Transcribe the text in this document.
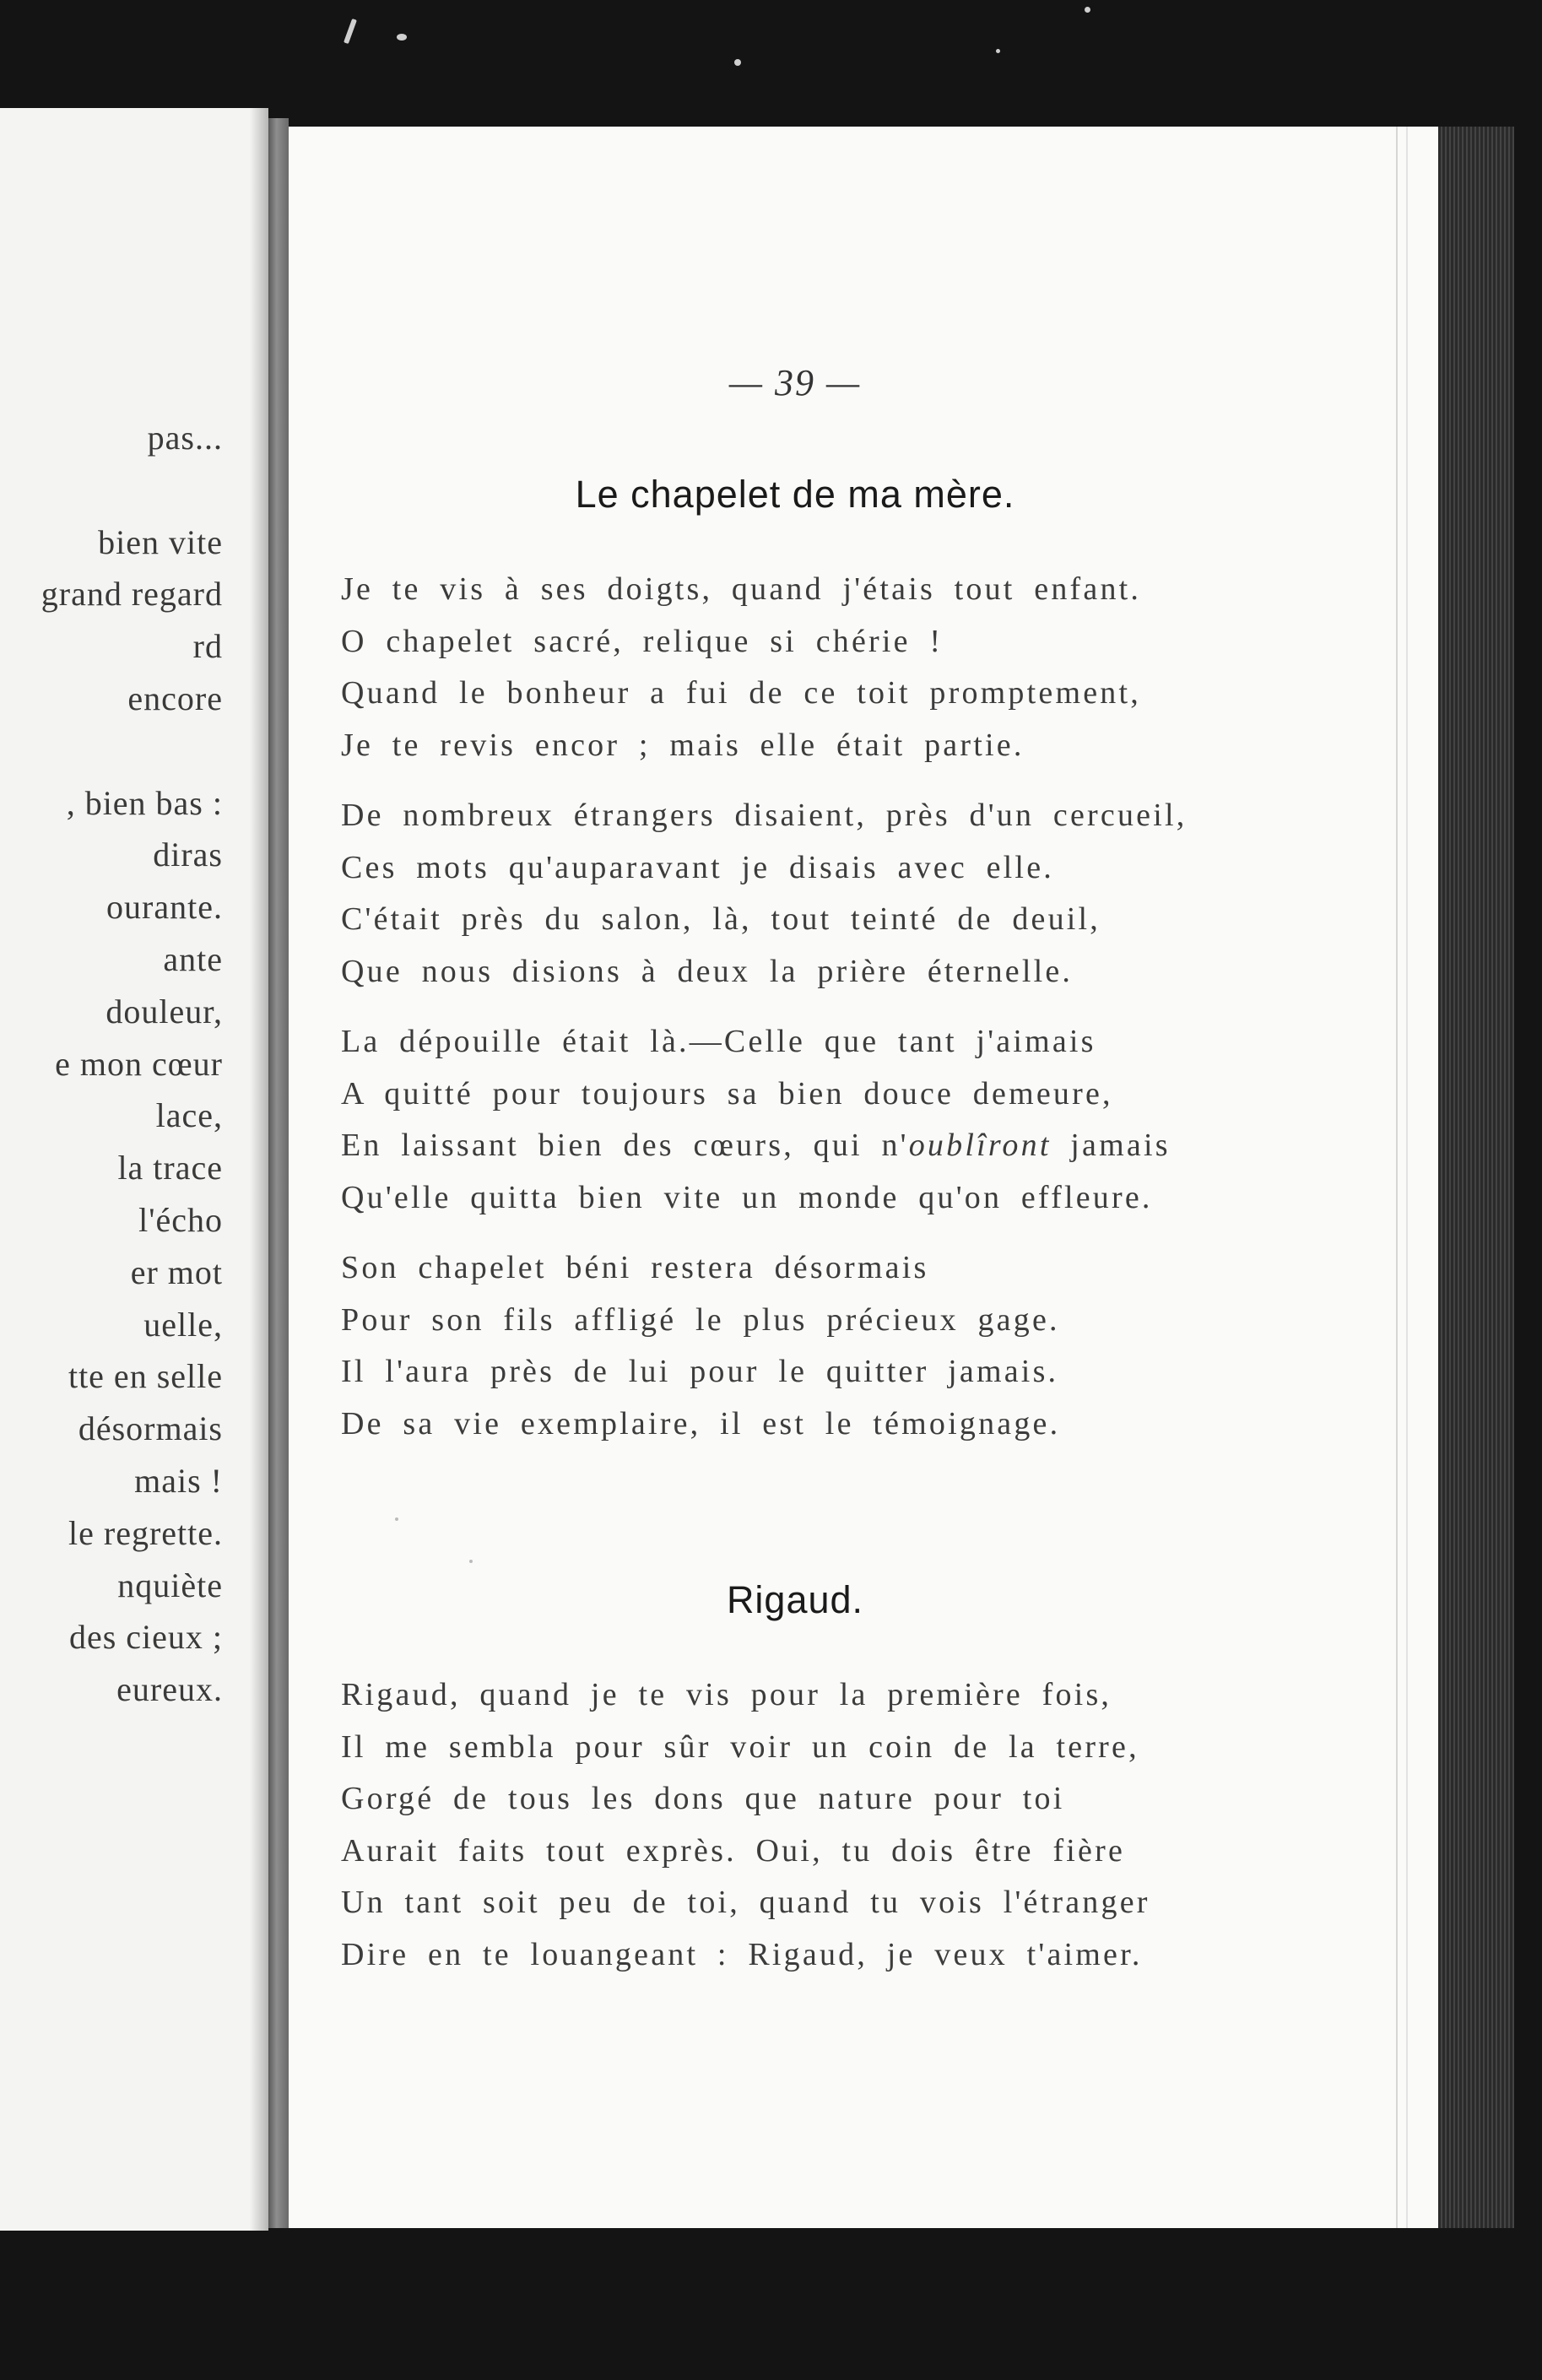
pas...

bien vite
grand regard
rd
encore

, bien bas :
diras
ourante.
ante
douleur,
e mon cœur
lace,
la trace
l'écho
er mot
uelle,
tte en selle
désormais
mais !
le regrette.
nquiète
des cieux ;
eureux.
— 39 —
Le chapelet de ma mère.
Je te vis à ses doigts, quand j'étais tout enfant.
O chapelet sacré, relique si chérie !
Quand le bonheur a fui de ce toit promptement,
Je te revis encor ; mais elle était partie.
De nombreux étrangers disaient, près d'un cercueil,
Ces mots qu'auparavant je disais avec elle.
C'était près du salon, là, tout teinté de deuil,
Que nous disions à deux la prière éternelle.
La dépouille était là.—Celle que tant j'aimais
A quitté pour toujours sa bien douce demeure,
En laissant bien des cœurs, qui n'oublîront jamais
Qu'elle quitta bien vite un monde qu'on effleure.
Son chapelet béni restera désormais
Pour son fils affligé le plus précieux gage.
Il l'aura près de lui pour le quitter jamais.
De sa vie exemplaire, il est le témoignage.
Rigaud.
Rigaud, quand je te vis pour la première fois,
Il me sembla pour sûr voir un coin de la terre,
Gorgé de tous les dons que nature pour toi
Aurait faits tout exprès. Oui, tu dois être fière
Un tant soit peu de toi, quand tu vois l'étranger
Dire en te louangeant : Rigaud, je veux t'aimer.
